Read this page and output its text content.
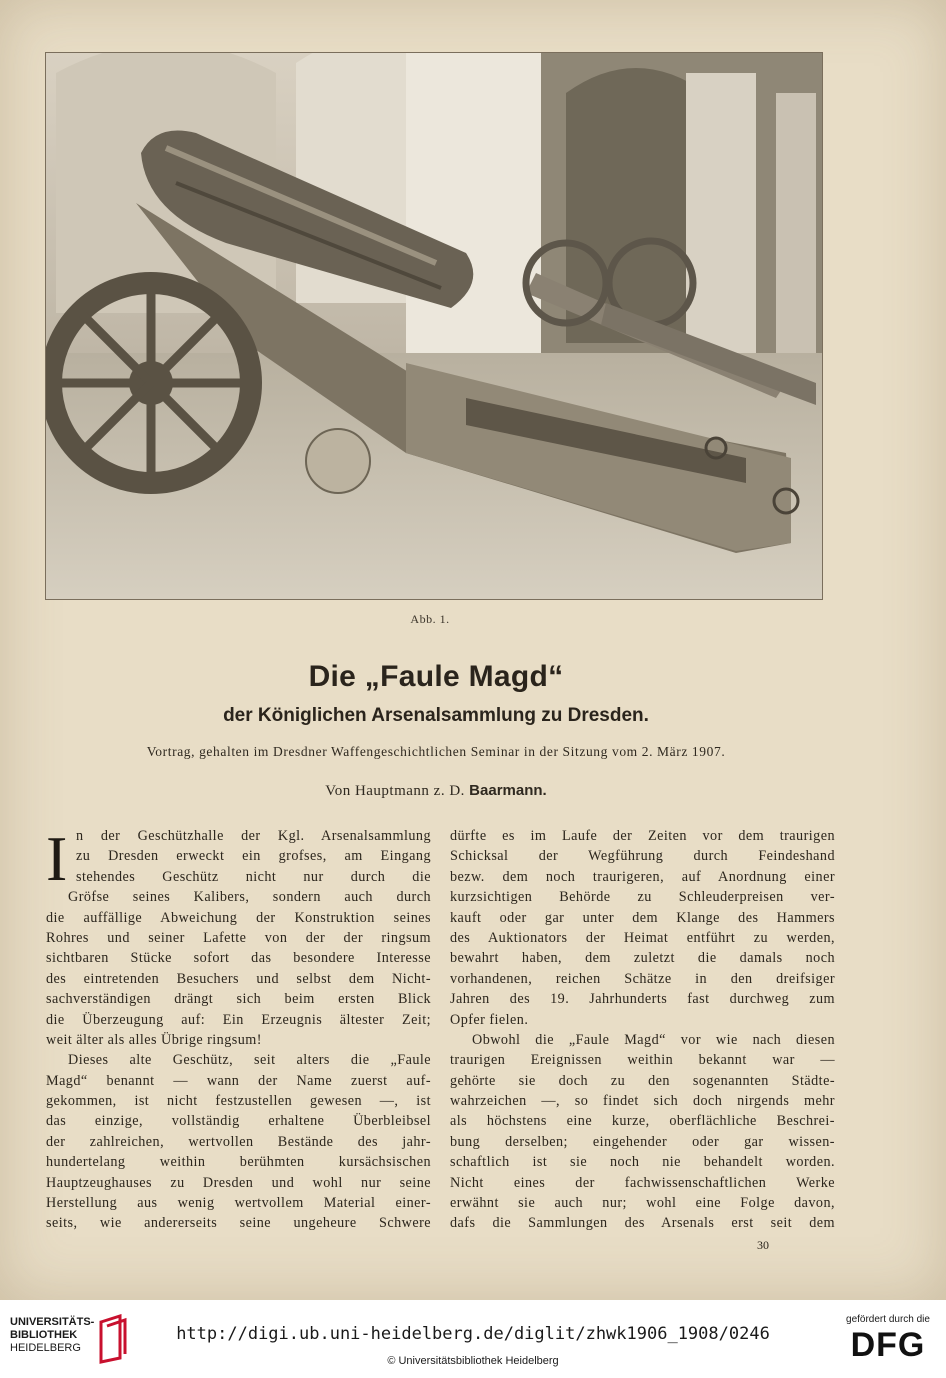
Abb. 1.
Die „Faule Magd“
der Königlichen Arsenalsammlung zu Dresden.
Vortrag, gehalten im Dresdner Waffengeschichtlichen Seminar in der Sitzung vom 2. März 1907.
Von Hauptmann z. D. Baarmann.
I n der Geschützhalle der Kgl. Arsenalsammlung
zu Dresden erweckt ein grofses, am Eingang
stehendes Geschütz nicht nur durch die
Gröfse seines Kalibers, sondern auch durch
die auffällige Abweichung der Konstruktion seines
Rohres und seiner Lafette von der der ringsum
sichtbaren Stücke sofort das besondere Interesse
des eintretenden Besuchers und selbst dem Nicht-
sachverständigen drängt sich beim ersten Blick
die Überzeugung auf: Ein Erzeugnis ältester Zeit;
weit älter als alles Übrige ringsum!
Dieses alte Geschütz, seit alters die „Faule
Magd“ benannt — wann der Name zuerst auf-
gekommen, ist nicht festzustellen gewesen —, ist
das einzige, vollständig erhaltene Überbleibsel
der zahlreichen, wertvollen Bestände des jahr-
hundertelang weithin berühmten kursächsischen
Hauptzeughauses zu Dresden und wohl nur seine
Herstellung aus wenig wertvollem Material einer-
seits, wie andererseits seine ungeheure Schwere
dürfte es im Laufe der Zeiten vor dem traurigen
Schicksal der Wegführung durch Feindeshand
bezw. dem noch traurigeren, auf Anordnung einer
kurzsichtigen Behörde zu Schleuderpreisen ver-
kauft oder gar unter dem Klange des Hammers
des Auktionators der Heimat entführt zu werden,
bewahrt haben, dem zuletzt die damals noch
vorhandenen, reichen Schätze in den dreifsiger
Jahren des 19. Jahrhunderts fast durchweg zum
Opfer fielen.
Obwohl die „Faule Magd“ vor wie nach diesen
traurigen Ereignissen weithin bekannt war —
gehörte sie doch zu den sogenannten Städte-
wahrzeichen —, so findet sich doch nirgends mehr
als höchstens eine kurze, oberflächliche Beschrei-
bung derselben; eingehender oder gar wissen-
schaftlich ist sie noch nie behandelt worden.
Nicht eines der fachwissenschaftlichen Werke
erwähnt sie auch nur; wohl eine Folge davon,
dafs die Sammlungen des Arsenals erst seit dem
30
UNIVERSITÄTS-
BIBLIOTHEK
HEIDELBERG
http://digi.ub.uni-heidelberg.de/diglit/zhwk1906_1908/0246
© Universitätsbibliothek Heidelberg
gefördert durch die
DFG
